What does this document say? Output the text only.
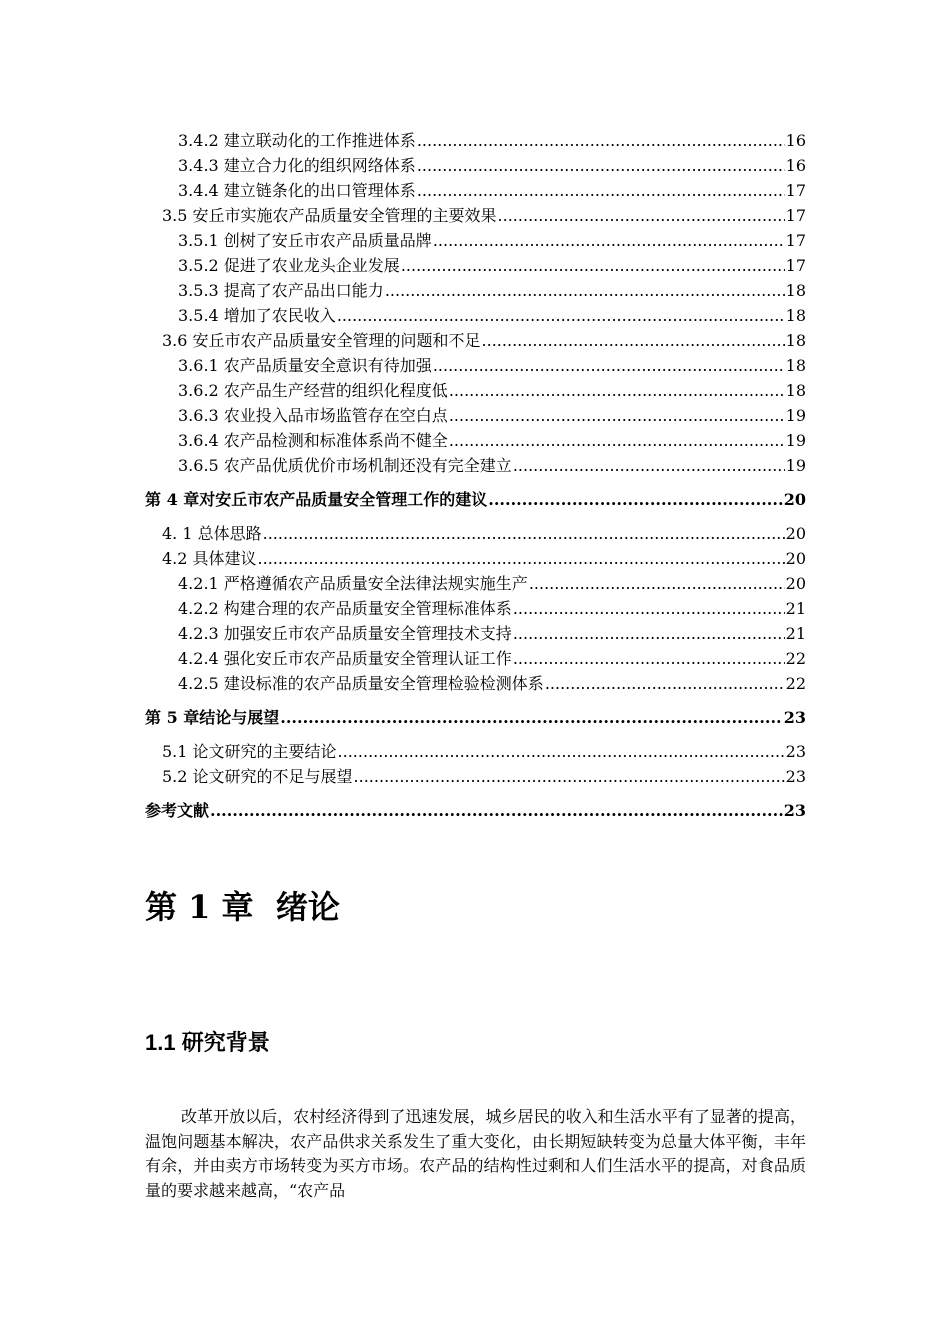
3.4.2 建立联动化的工作推进体系 .....	16
3.4.3 建立合力化的组织网络体系 .....	16
3.4.4 建立链条化的出口管理体系 .....	17
3.5 安丘市实施农产品质量安全管理的主要效果 .....	17
3.5.1 创树了安丘市农产品质量品牌 .....	17
3.5.2 促进了农业龙头企业发展 .....	17
3.5.3 提高了农产品出口能力 .....	18
3.5.4 增加了农民收入 .....	18
3.6 安丘市农产品质量安全管理的问题和不足 .....	18
3.6.1 农产品质量安全意识有待加强 .....	18
3.6.2 农产品生产经营的组织化程度低 .....	18
3.6.3 农业投入品市场监管存在空白点 .....	19
3.6.4 农产品检测和标准体系尚不健全 .....	19
3.6.5 农产品优质优价市场机制还没有完全建立 .....	19
第 4 章对安丘市农产品质量安全管理工作的建议 .....	20
4. 1 总体思路 .....	20
4.2 具体建议 .....	20
4.2.1 严格遵循农产品质量安全法律法规实施生产 .....	20
4.2.2 构建合理的农产品质量安全管理标准体系 .....	21
4.2.3 加强安丘市农产品质量安全管理技术支持 .....	21
4.2.4 强化安丘市农产品质量安全管理认证工作 .....	22
4.2.5 建设标准的农产品质量安全管理检验检测体系 .....	22
第 5 章结论与展望 .....	23
5.1 论文研究的主要结论 .....	23
5.2 论文研究的不足与展望 .....	23
参考文献 .....	23
第 1 章  绪论
1.1 研究背景
改革开放以后，农村经济得到了迅速发展，城乡居民的收入和生活水平有了显著的提高，温饱问题基本解决，农产品供求关系发生了重大变化，由长期短缺转变为总量大体平衡，丰年有余，并由卖方市场转变为买方市场。农产品的结构性过剩和人们生活水平的提高，对食品质量的要求越来越高，“农产品
